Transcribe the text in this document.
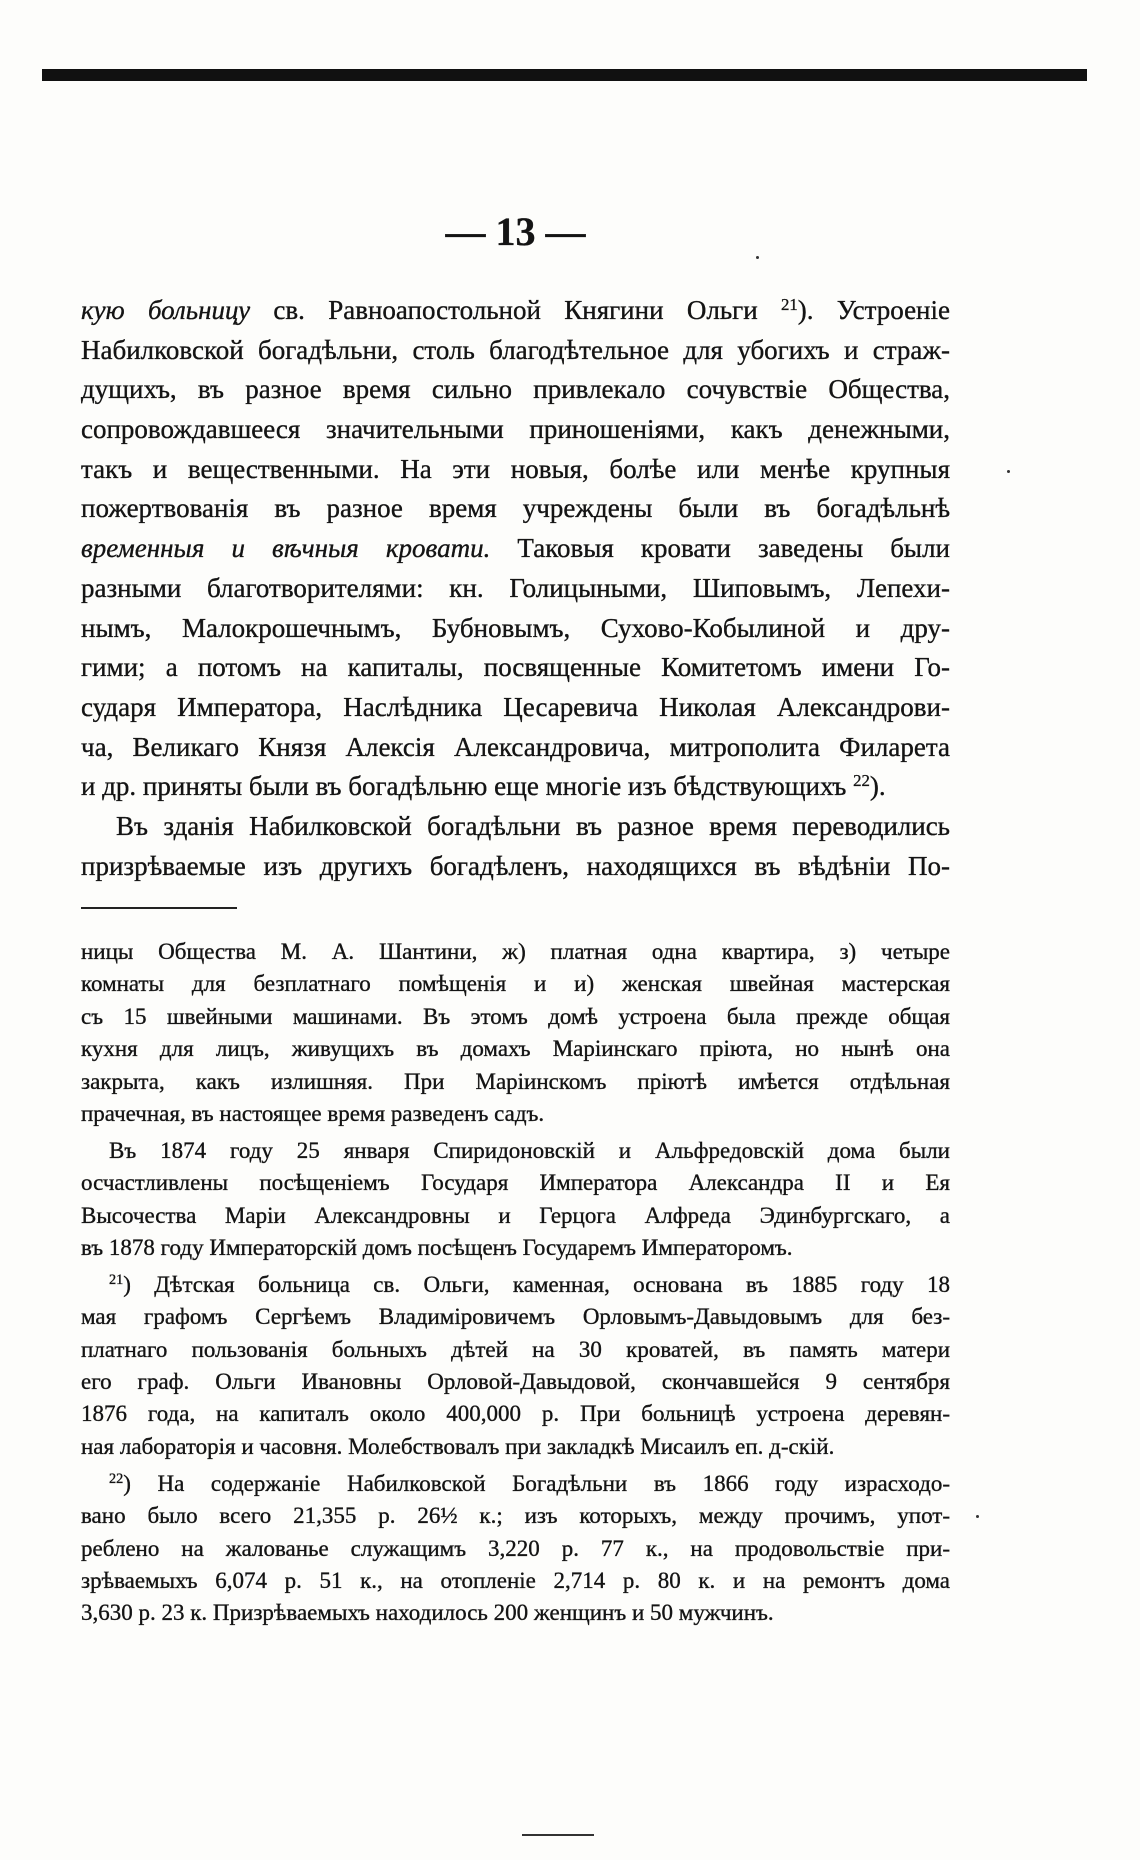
— 13 —
кую больницу св. Равноапостольной Княгини Ольги $^{21}$). Устроеніе
Набилковской богадѣльни, столь благодѣтельное для убогихъ и страж-
дущихъ, въ разное время сильно привлекало сочувствіе Общества,
сопровождавшееся значительными приношеніями, какъ денежными,
такъ и вещественными. На эти новыя, болѣе или менѣе крупныя
пожертвованія въ разное время учреждены были въ богадѣльнѣ
временныя и вѣчныя кровати. Таковыя кровати заведены были
разными благотворителями: кн. Голицыными, Шиповымъ, Лепехи-
нымъ, Малокрошечнымъ, Бубновымъ, Сухово-Кобылиной и дру-
гими; а потомъ на капиталы, посвященные Комитетомъ имени Го-
сударя Императора, Наслѣдника Цесаревича Николая Александрови-
ча, Великаго Князя Алексія Александровича, митрополита Филарета
и др. приняты были въ богадѣльню еще многіе изъ бѣдствующихъ $^{22}$).
Въ зданія Набилковской богадѣльни въ разное время переводились
призрѣваемые изъ другихъ богадѣленъ, находящихся въ вѣдѣніи По-
ницы Общества М. А. Шантини, ж) платная одна квартира, з) четыре
комнаты для безплатнаго помѣщенія и и) женская швейная мастерская
съ 15 швейными машинами. Въ этомъ домѣ устроена была прежде общая
кухня для лицъ, живущихъ въ домахъ Маріинскаго пріюта, но нынѣ она
закрыта, какъ излишняя. При Маріинскомъ пріютѣ имѣется отдѣльная
прачечная, въ настоящее время разведенъ садъ.
Въ 1874 году 25 января Спиридоновскій и Альфредовскій дома были
осчастливлены посѣщеніемъ Государя Императора Александра II и Ея
Высочества Маріи Александровны и Герцога Алфреда Эдинбургскаго, а
въ 1878 году Императорскій домъ посѣщенъ Государемъ Императоромъ.
$^{21}$) Дѣтская больница св. Ольги, каменная, основана въ 1885 году 18
мая графомъ Сергѣемъ Владиміровичемъ Орловымъ-Давыдовымъ для без-
платнаго пользованія больныхъ дѣтей на 30 кроватей, въ память матери
его граф. Ольги Ивановны Орловой-Давыдовой, скончавшейся 9 сентября
1876 года, на капиталъ около 400,000 р. При больницѣ устроена деревян-
ная лабораторія и часовня. Молебствовалъ при закладкѣ Мисаилъ еп. д-скій.
$^{22}$) На содержаніе Набилковской Богадѣльни въ 1866 году израсходо-
вано было всего 21,355 р. 26½ к.; изъ которыхъ, между прочимъ, упот-
реблено на жалованье служащимъ 3,220 р. 77 к., на продовольствіе при-
зрѣваемыхъ 6,074 р. 51 к., на отопленіе 2,714 р. 80 к. и на ремонтъ дома
3,630 р. 23 к. Призрѣваемыхъ находилось 200 женщинъ и 50 мужчинъ.
